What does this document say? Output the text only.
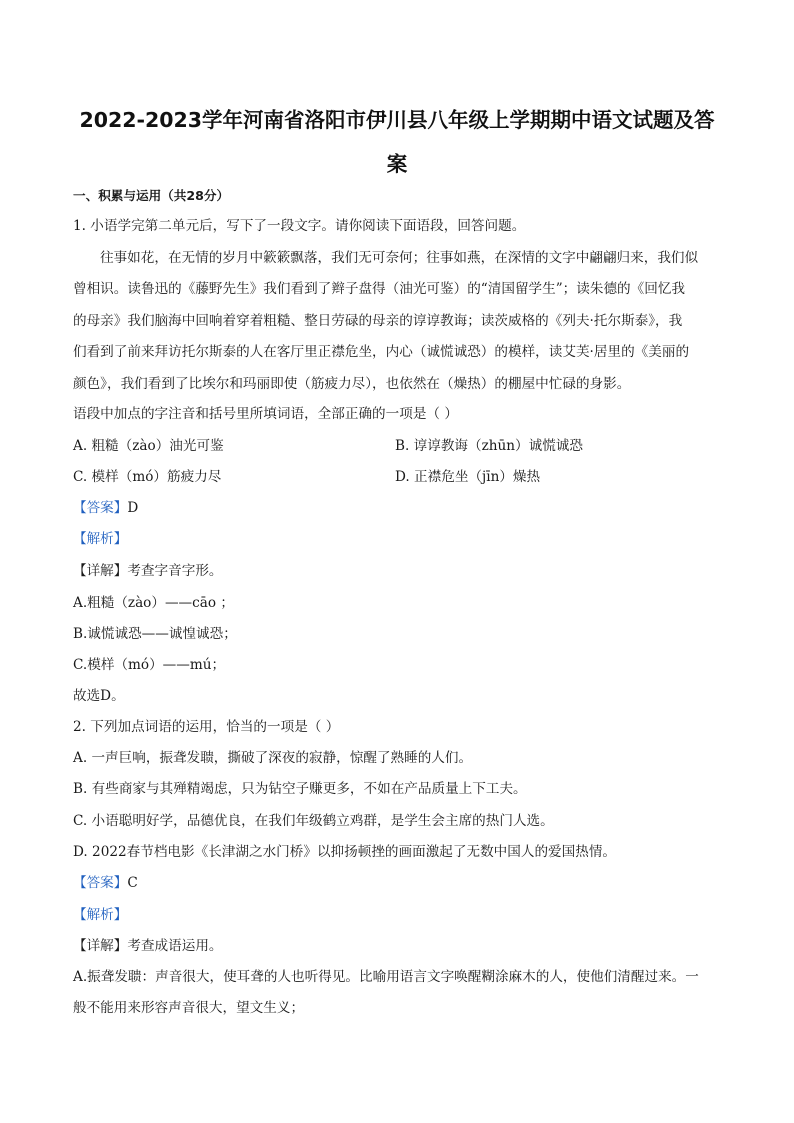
2022-2023学年河南省洛阳市伊川县八年级上学期期中语文试题及答
案
一、积累与运用（共28分）
1. 小语学完第二单元后，写下了一段文字。请你阅读下面语段，回答问题。
往事如花，在无情的岁月中簌簌飘落，我们无可奈何；往事如燕，在深情的文字中翩翩归来，我们似
曾相识。读鲁迅的《藤野先生》我们看到了辫子盘得（油光可鉴）的“清国留学生”；读朱德的《回忆我
的母亲》我们脑海中回响着穿着粗糙、整日劳碌的母亲的谆谆教诲；读茨威格的《列夫·托尔斯泰》，我
们看到了前来拜访托尔斯泰的人在客厅里正襟危坐，内心（诚慌诚恐）的模样，读艾芙·居里的《美丽的
颜色》，我们看到了比埃尔和玛丽即使（筋疲力尽），也依然在（燥热）的棚屋中忙碌的身影。
语段中加点的字注音和括号里所填词语，全部正确的一项是（ ）
A. 粗糙（zào）油光可鉴	B. 谆谆教诲（zhūn）诚慌诚恐
C. 模样（mó）筋疲力尽	D. 正襟危坐（jīn）燥热
【答案】D
【解析】
【详解】考查字音字形。
A.粗糙（zào）——cāo ；
B.诚慌诚恐——诚惶诚恐；
C.模样（mó）——mú；
故选D。
2. 下列加点词语的运用，恰当的一项是（ ）
A. 一声巨响，振聋发聩，撕破了深夜的寂静，惊醒了熟睡的人们。
B. 有些商家与其殚精竭虑，只为钻空子赚更多，不如在产品质量上下工夫。
C. 小语聪明好学，品德优良，在我们年级鹤立鸡群，是学生会主席的热门人选。
D. 2022春节档电影《长津湖之水门桥》以抑扬顿挫的画面激起了无数中国人的爱国热情。
【答案】C
【解析】
【详解】考查成语运用。
A.振聋发聩：声音很大，使耳聋的人也听得见。比喻用语言文字唤醒糊涂麻木的人，使他们清醒过来。一
般不能用来形容声音很大，望文生义；
